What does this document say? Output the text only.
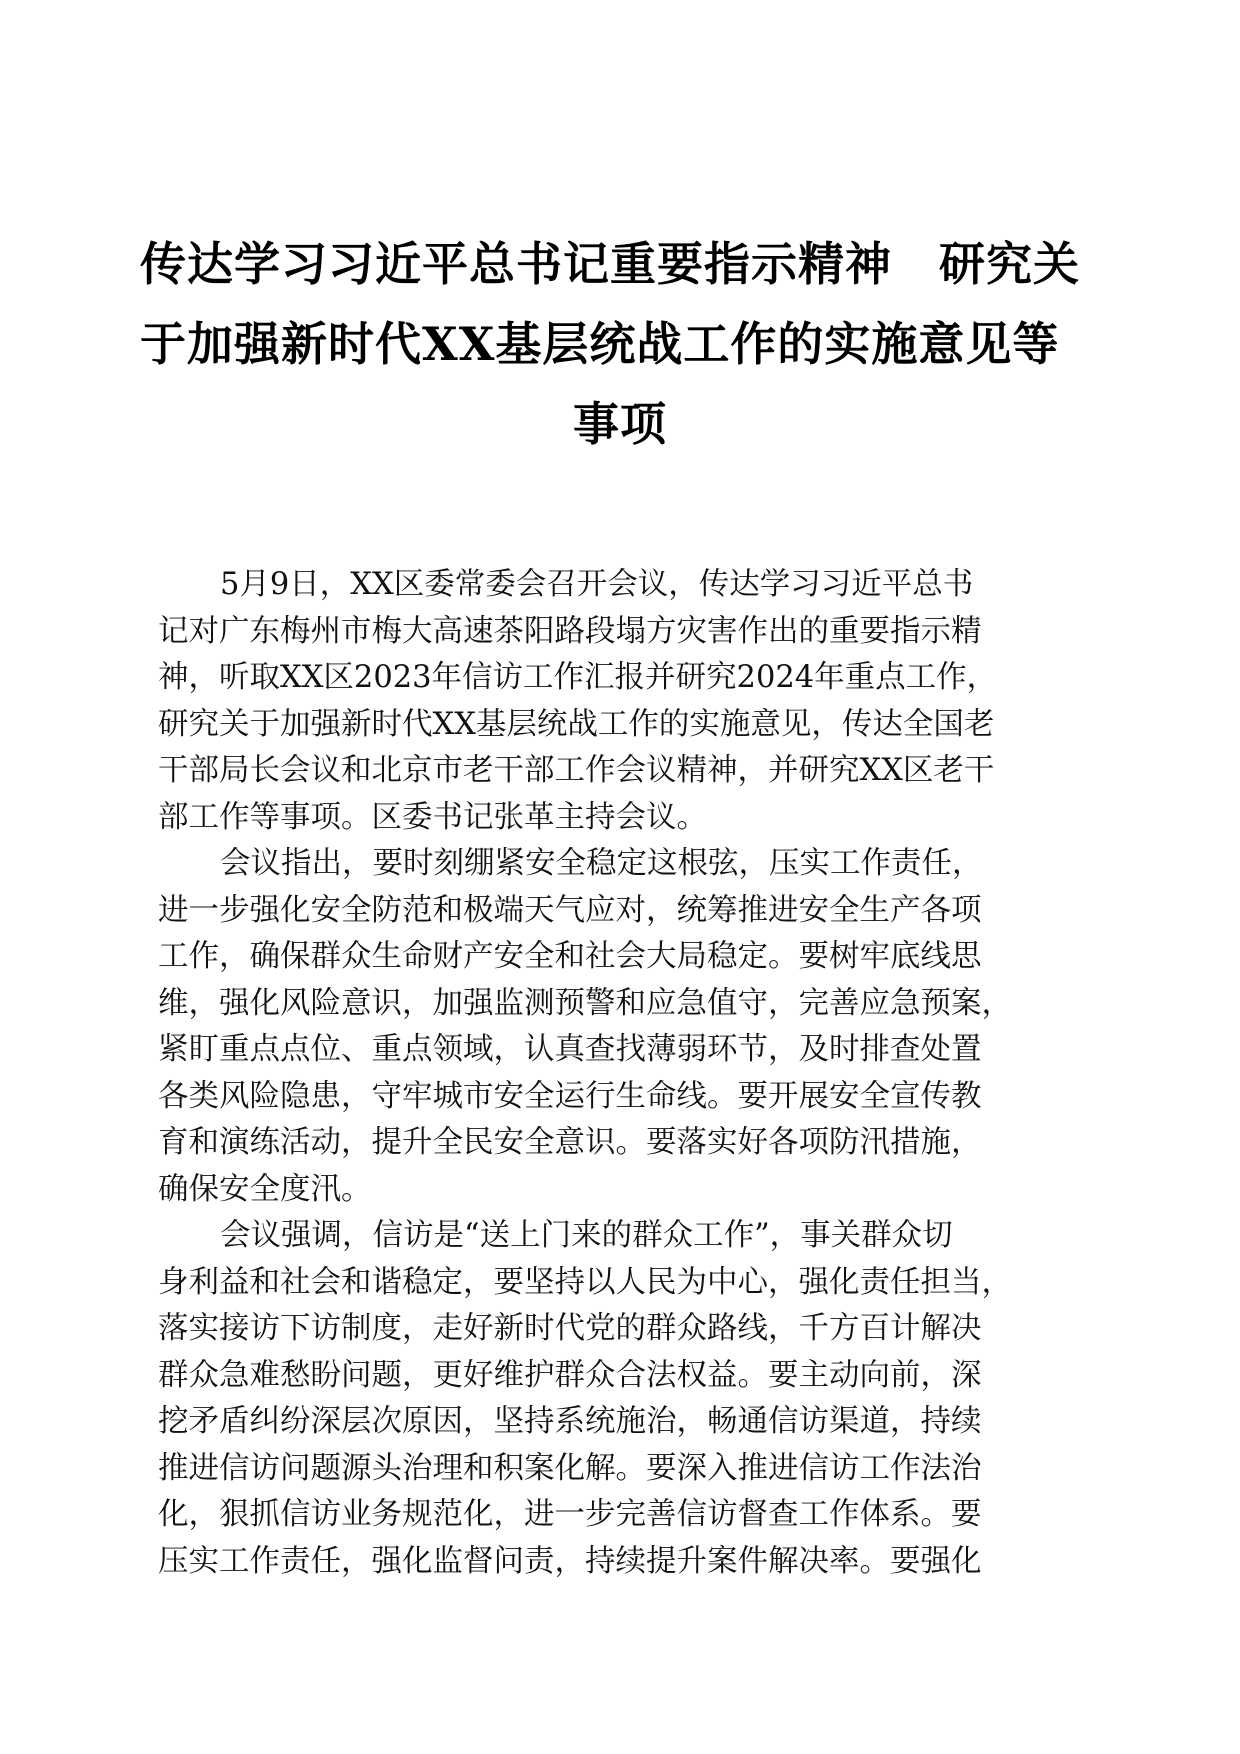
传达学习习近平总书记重要指示精神　研究关
于加强新时代XX基层统战工作的实施意见等
事项

5月9日，XX区委常委会召开会议，传达学习习近平总书
记对广东梅州市梅大高速茶阳路段塌方灾害作出的重要指示精
神，听取XX区2023年信访工作汇报并研究2024年重点工作，
研究关于加强新时代XX基层统战工作的实施意见，传达全国老
干部局长会议和北京市老干部工作会议精神，并研究XX区老干
部工作等事项。区委书记张革主持会议。

会议指出，要时刻绷紧安全稳定这根弦，压实工作责任，
进一步强化安全防范和极端天气应对，统筹推进安全生产各项
工作，确保群众生命财产安全和社会大局稳定。要树牢底线思
维，强化风险意识，加强监测预警和应急值守，完善应急预案，
紧盯重点点位、重点领域，认真查找薄弱环节，及时排查处置
各类风险隐患，守牢城市安全运行生命线。要开展安全宣传教
育和演练活动，提升全民安全意识。要落实好各项防汛措施，
确保安全度汛。

会议强调，信访是“送上门来的群众工作”，事关群众切
身利益和社会和谐稳定，要坚持以人民为中心，强化责任担当，
落实接访下访制度，走好新时代党的群众路线，千方百计解决
群众急难愁盼问题，更好维护群众合法权益。要主动向前，深
挖矛盾纠纷深层次原因，坚持系统施治，畅通信访渠道，持续
推进信访问题源头治理和积案化解。要深入推进信访工作法治
化，狠抓信访业务规范化，进一步完善信访督查工作体系。要
压实工作责任，强化监督问责，持续提升案件解决率。要强化
